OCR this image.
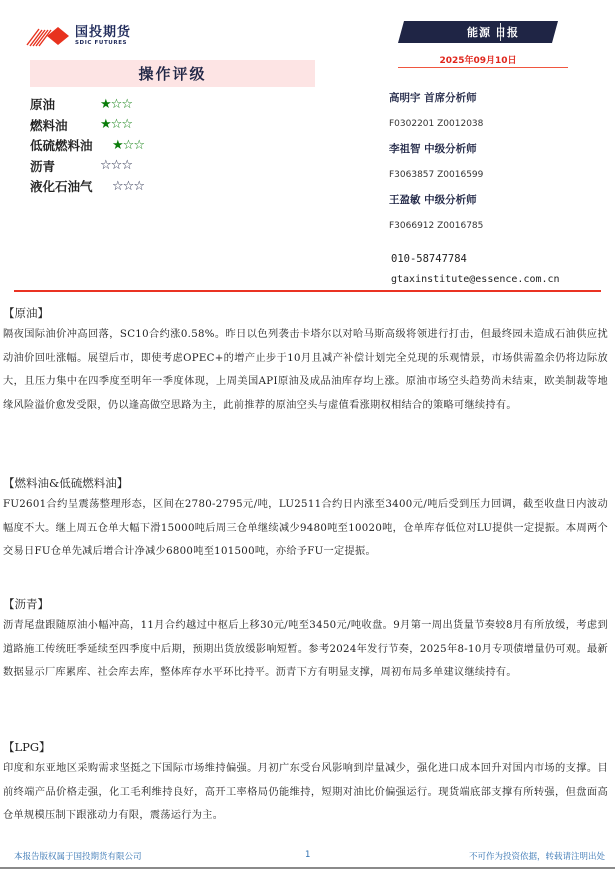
国投期货
SDIC FUTURES
操作评级
原油	★☆☆
燃料油	★☆☆
低硫燃料油	★☆☆
沥青	☆☆☆
液化石油气	☆☆☆
能源 日报
2025年09月10日
高明宇 首席分析师
F0302201 Z0012038
李祖智 中级分析师
F3063857 Z0016599
王盈敏 中级分析师
F3066912 Z0016785
010-58747784
gtaxinstitute@essence.com.cn
【原油】
隔夜国际油价冲高回落，SC10合约涨0.58%。昨日以色列袭击卡塔尔以对哈马斯高级将领进行打击，但最终园未造成石油供应扰动油价回吐涨幅。展望后市，即使考虑OPEC+的增产止步于10月且减产补偿计划完全兑现的乐观情景，市场供需盈余仍将边际放大，且压力集中在四季度至明年一季度体现，上周美国API原油及成品油库存均上涨。原油市场空头趋势尚未结束，欧美制裁等地缘风险溢价愈发受限，仍以逢高做空思路为主，此前推荐的原油空头与虚值看涨期权相结合的策略可继续持有。
【燃料油&低硫燃料油】
FU2601合约呈震荡整理形态，区间在2780-2795元/吨，LU2511合约日内涨至3400元/吨后受到压力回调，截至收盘日内波动幅度不大。继上周五仓单大幅下滑15000吨后周三仓单继续减少9480吨至10020吨，仓单库存低位对LU提供一定提振。本周两个交易日FU仓单先减后增合计净减少6800吨至101500吨，亦给予FU一定提振。
【沥青】
沥青尾盘跟随原油小幅冲高，11月合约越过中枢后上移30元/吨至3450元/吨收盘。9月第一周出货量节奏较8月有所放缓，考虑到道路施工传统旺季延续至四季度中后期，预期出货放缓影响短暂。参考2024年发行节奏，2025年8-10月专项债增量仍可观。最新数据显示厂库累库、社会库去库，整体库存水平环比持平。沥青下方有明显支撑，周初布局多单建议继续持有。
【LPG】
印度和东亚地区采购需求坚挺之下国际市场维持偏强。月初广东受台风影响到岸量减少，强化进口成本回升对国内市场的支撑。目前终端产品价格走强，化工毛利维持良好，高开工率格局仍能维持，短期对油比价偏强运行。现货端底部支撑有所转强，但盘面高仓单规模压制下跟涨动力有限，震荡运行为主。
本报告版权属于国投期货有限公司	1	不可作为投资依据，转载请注明出处
